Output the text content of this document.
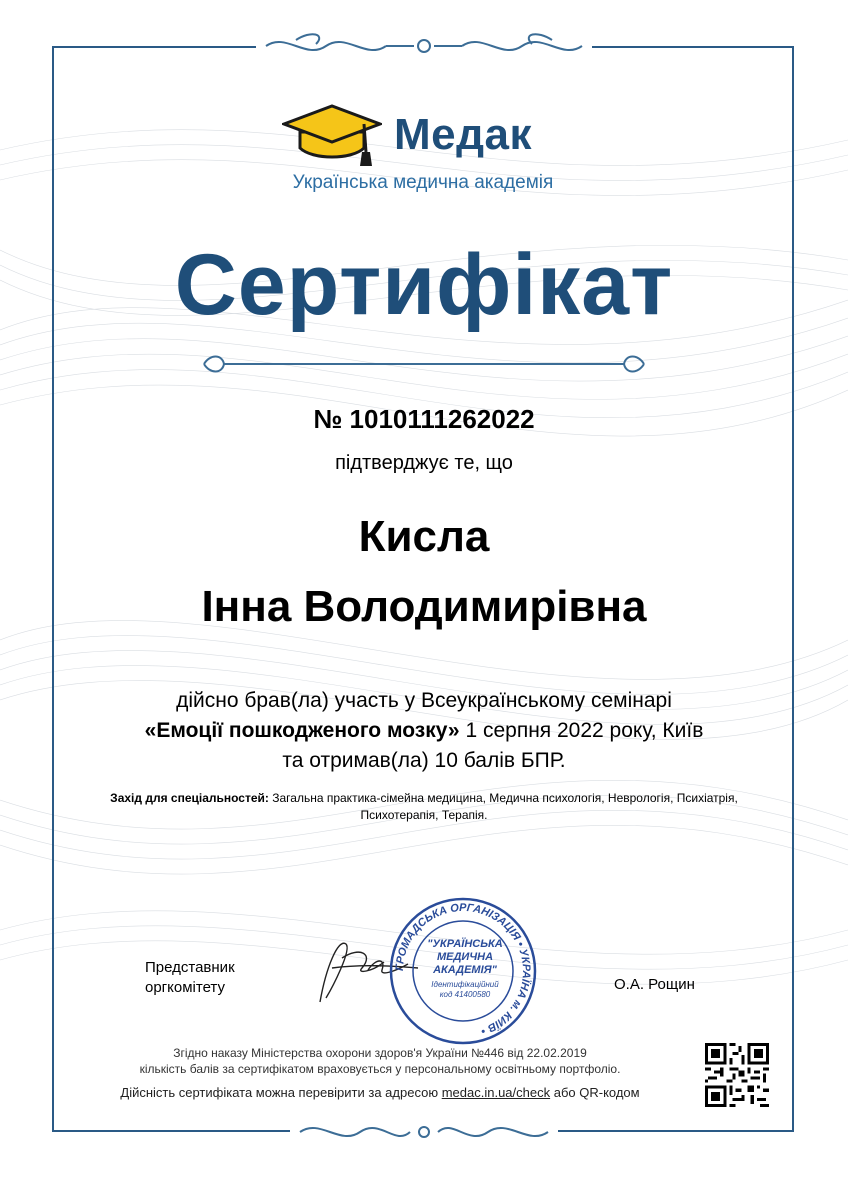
Медак
Українська медична академія
Сертифікат
№ 1010111262022
підтверджує те, що
Кисла
Інна Володимирівна
дійсно брав(ла) участь у Всеукраїнському семінарі
«Емоції пошкодженого мозку» 1 серпня 2022 року, Київ
та отримав(ла) 10 балів БПР.
Захід для спеціальностей: Загальна практика-сімейна медицина, Медична психологія, Неврологія, Психіатрія,
Психотерапія, Терапія.
Представник
оргкомітету
ГРОМАДСЬКА ОРГАНІЗАЦІЯ • УКРАЇНА м. КИЇВ •
"УКРАЇНСЬКА
МЕДИЧНА
АКАДЕМІЯ"
Ідентифікаційний
код 41400580
О.А. Рощин
Згідно наказу Міністерства охорони здоров'я України №446 від 22.02.2019
кількість балів за сертифікатом враховується у персональному освітньому портфоліо.
Дійсність сертифіката можна перевірити за адресою medac.in.ua/check або QR-кодом
